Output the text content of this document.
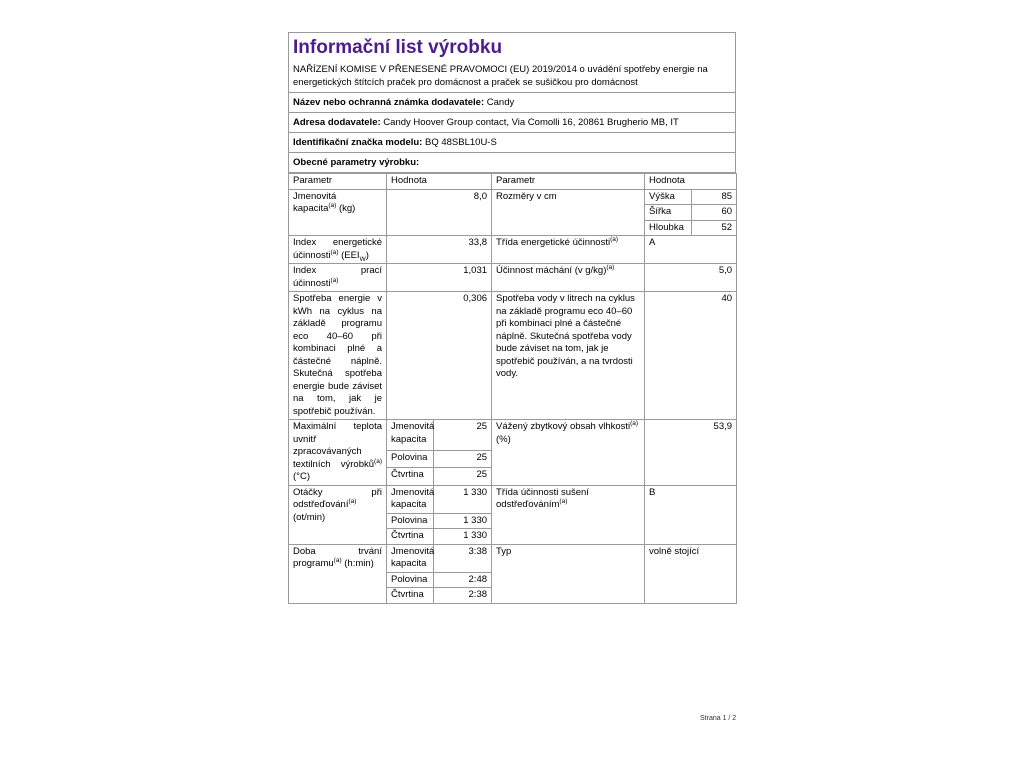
Informační list výrobku
NAŘÍZENÍ KOMISE V PŘENESENÉ PRAVOMOCI (EU) 2019/2014 o uvádění spotřeby energie na energetických štítcích praček pro domácnost a praček se sušičkou pro domácnost
Název nebo ochranná známka dodavatele: Candy
Adresa dodavatele: Candy Hoover Group contact, Via Comolli 16, 20861 Brugherio MB, IT
Identifikační značka modelu: BQ 48SBL10U-S
Obecné parametry výrobku:
Parametr	Hodnota		Parametr	Hodnota	
Jmenovitá kapacita$^{(a)}$ (kg)	8,0		Rozměry v cm	Výška	85
				Šířka	60
				Hloubka	52
Index energetické účinnosti$^{(a)}$ $(EEI_W)$	33,8		Třída energetické účinnosti$^{(a)}$	A	
Index prací účinnosti$^{(a)}$	1,031		Účinnost máchání (v g/kg)$^{(a)}$	5,0	
Spotřeba energie v kWh na cyklus na základě programu eco 40–60 při kombinaci plné a částečné náplně. Skutečná spotřeba energie bude záviset na tom, jak je spotřebič používán.	0,306		Spotřeba vody v litrech na cyklus na základě programu eco 40–60 při kombinaci plné a částečné náplně. Skutečná spotřeba vody bude záviset na tom, jak je spotřebič používán, a na tvrdosti vody.	40	
Maximální teplota uvnitř zpracovávaných textilních výrobků$^{(a)}$ (°C)	Jmenovitá kapacita	25	Vážený zbytkový obsah vlhkosti$^{(a)}$ (%)	53,9	
	Polovina	25			
	Čtvrtina	25			
Otáčky při odstřeďování$^{(a)}$ (ot/min)	Jmenovitá kapacita	1 330	Třída účinnosti sušení odstřeďováním$^{(a)}$	B	
	Polovina	1 330			
	Čtvrtina	1 330			
Doba trvání programu$^{(a)}$ (h:min)	Jmenovitá kapacita	3:38	Typ	volně stojící	
	Polovina	2:48			
	Čtvrtina	2:38			
Strana 1 / 2
